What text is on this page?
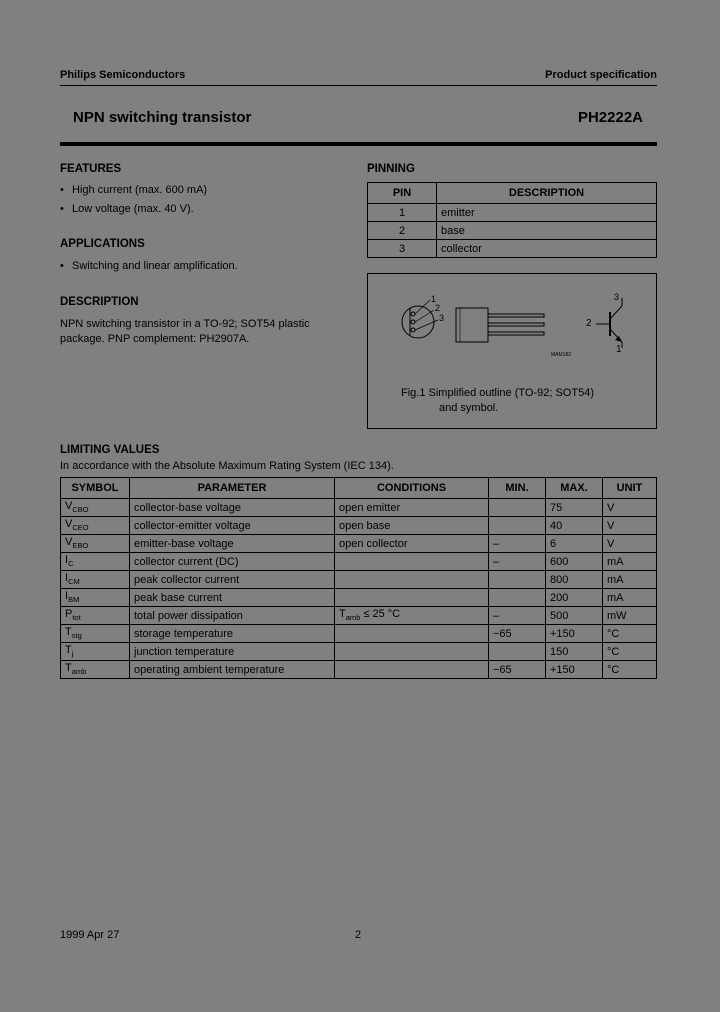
Philips Semiconductors	Product specification
NPN switching transistor	PH2222A
FEATURES
• High current (max. 600 mA)
• Low voltage (max. 40 V).
APPLICATIONS
• Switching and linear amplification.
DESCRIPTION
NPN switching transistor in a TO-92; SOT54 plastic
package. PNP complement: PH2907A.
PINNING
PIN	DESCRIPTION
1	emitter
2	base
3	collector
1
2
3
3
2
1
MAM182
Fig.1 Simplified outline (TO-92; SOT54)
and symbol.
LIMITING VALUES
In accordance with the Absolute Maximum Rating System (IEC 134).
SYMBOL	PARAMETER	CONDITIONS	MIN.	MAX.	UNIT
$V_{CBO}$	collector-base voltage	open emitter		75	V
$V_{CEO}$	collector-emitter voltage	open base		40	V
$V_{EBO}$	emitter-base voltage	open collector	–	6	V
$I_C$	collector current (DC)		–	600	mA
$I_{CM}$	peak collector current			800	mA
$I_{BM}$	peak base current			200	mA
$P_{tot}$	total power dissipation	$T_{amb} \le 25$ °C	–	500	mW
$T_{stg}$	storage temperature		−65	+150	°C
$T_j$	junction temperature			150	°C
$T_{amb}$	operating ambient temperature		−65	+150	°C
1999 Apr 27	2
